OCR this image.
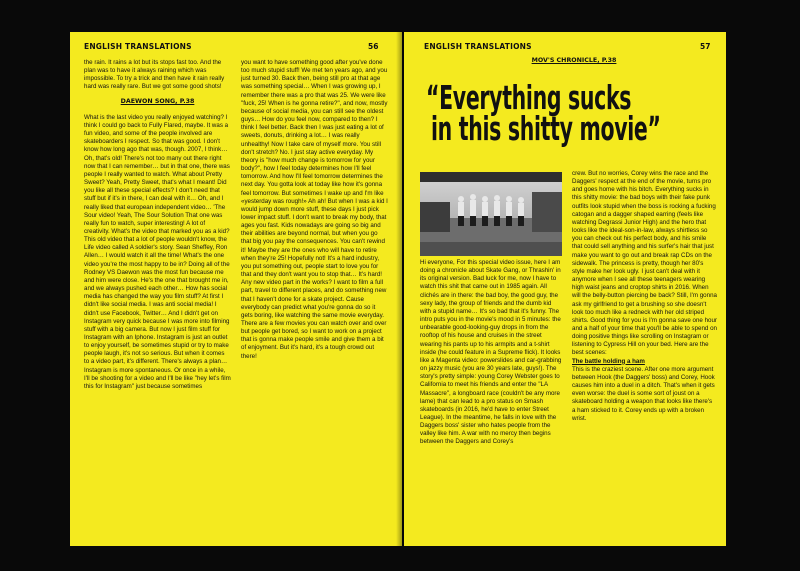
ENGLISH TRANSLATIONS	56

the rain. It rains a lot but its stops fast too. And the plan was to have it always raining which was impossible. To try a trick and then have it rain really hard was really rare. But we got some good shots!

DAEWON SONG, P.38

What is the last video you really enjoyed watching? I think I could go back to Fully Flared, maybe. It was a fun video, and some of the people involved are skateboarders I respect. So that was good. I don't know how long ago that was, though. 2007, I think… Oh, that's old! There's not too many out there right now that I can remember… but in that one, there was people I really wanted to watch. What about Pretty Sweet? Yeah, Pretty Sweet, that's what I meant! Did you like all these special effects? I don't need that stuff but if it's in there, I can deal with it… Oh, and I really liked that european independent video… 'The Sour video! Yeah, The Sour Solution That one was really fun to watch, super interesting! A lot of creativity. What's the video that marked you as a kid? This old video that a lot of people wouldn't know, the Life video called A soldier's story. Sean Sheffey, Ron Allen… I would watch it all the time! What's the one video you're the most happy to be in? Doing all of the Rodney VS Daewon was the most fun because me and him were close. He's the one that brought me in, and we always pushed each other… How has social media has changed the way you film stuff? At first I didn't like social media. I was anti social media! I didn't use Facebook, Twitter… And I didn't get on Instagram very quick because I was more into filming stuff with a big camera. But now I just film stuff for Instagram with an Iphone. Instagram is just an outlet to enjoy yourself, be sometimes stupid or try to make people laugh, it's not so serious. But when it comes to a video part, it's different. There's always a plan… Instagram is more spontaneous. Or once in a while, I'll be shooting for a video and I'll be like "hey let's film this for Instagram" just because sometimes

you want to have something good after you've done too much stupid stuff! We met ten years ago, and you just turned 30. Back then, being still pro at that age was something special… When I was growing up, I remember there was a pro that was 25. We were like "fuck, 25! When is he gonna retire?", and now, mostly because of social media, you can still see the oldest guys… How do you feel now, compared to then? I think I feel better. Back then I was just eating a lot of sweets, donuts, drinking a lot… I was really unhealthy! Now I take care of myself more. You still don't stretch? No. I just stay active everyday. My theory is "how much change is tomorrow for your body?", how I feel today determines how I'll feel tomorrow. And how I'll feel tomorrow determines the next day. You gotta look at today like how it's gonna feel tomorrow. But sometimes I wake up and I'm like «yesterday was rough!» Ah ah! But when I was a kid I would jump down more stuff, these days I just pick lower impact stuff. I don't want to break my body, that ages you fast. Kids nowadays are going so big and their abilities are beyond normal, but when you go that big you pay the consequences. You can't rewind it! Maybe they are the ones who will have to retire when they're 25! Hopefully not! It's a hard industry, you put something out, people start to love you for that and they don't want you to stop that… It's hard! Any new video part in the works? I want to film a full part, travel to different places, and do something new that I haven't done for a skate project. Cause everybody can predict what you're gonna do so it gets boring, like watching the same movie everyday. There are a few movies you can watch over and over but people get bored, so I want to work on a project that is gonna make people smile and give them a bit of enjoyment. But it's hard, it's a tough crowd out there!

ENGLISH TRANSLATIONS	57
MOV'S CHRONICLE, P.38
“Everything sucks
in this shitty movie”

Hi everyone, For this special video issue, here I am doing a chronicle about Skate Gang, or Thrashin' in its original version. Bad luck for me, now I have to watch this shit that came out in 1985 again. All clichés are in there: the bad boy, the good guy, the sexy lady, the group of friends and the dumb kid with a stupid name… It's so bad that it's funny. The intro puts you in the movie's mood in 5 minutes: the unbearable good-looking-guy drops in from the rooftop of his house and cruises in the street wearing his pants up to his armpits and a t-shirt inside (he could feature in a Supreme flick). It looks like a Magenta video: powerslides and car-grabbing on jazzy music (you are 30 years late, guys!). The story's pretty simple: young Corey Webster goes to California to meet his friends and enter the "LA Massacre", a longboard race (couldn't be any more lame) that can lead to a pro status on Smash skateboards (in 2016, he'd have to enter Street League). In the meantime, he falls in love with the Daggers boss' sister who hates people from the valley like him. A war with no mercy then begins between the Daggers and Corey's

crew. But no worries, Corey wins the race and the Daggers' respect at the end of the movie, turns pro and goes home with his bitch. Everything sucks in this shitty movie: the bad boys with their fake punk outfits look stupid when the boss is rocking a fucking catogan and a dagger shaped earring (feels like watching Degrassi Junior High) and the hero that looks like the ideal-son-in-law, always shirtless so you can check out his perfect body, and his smile that could sell anything and his surfer's hair that just make you want to go out and break rap CDs on the sidewalk. The princess is pretty, though her 80's style make her look ugly. I just can't deal with it anymore when I see all these teenagers wearing high waist jeans and croptop shirts in 2016. When will the belly-button piercing be back? Still, I'm gonna ask my girlfriend to get a brushing so she doesn't look too much like a redneck with her old striped shirts. Good thing for you is I'm gonna save one hour and a half of your time that you'll be able to spend on doing positive things like scrolling on Instagram or listening to Cypress Hill on your bed. Here are the best scenes:

The battle holding a ham

This is the craziest scene. After one more argument between Hook (the Daggers' boss) and Corey, Hook causes him into a duel in a ditch. That's when it gets even worse: the duel is some sort of joust on a skateboard holding a weapon that looks like there's a ham sticked to it. Corey ends up with a broken wrist.
